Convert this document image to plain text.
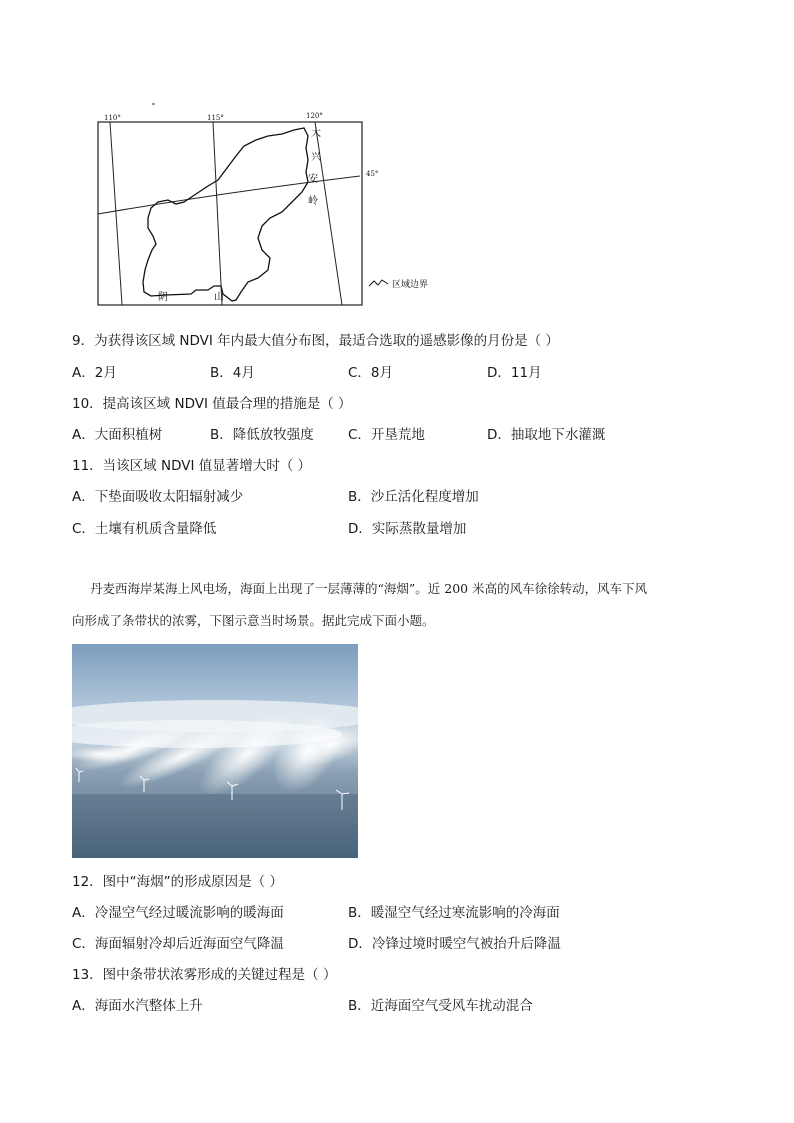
110°	115°	120°
45°
大
兴
安
岭
阴	山
区域边界
9．为获得该区域 NDVI 年内最大值分布图，最适合选取的遥感影像的月份是（ ）
A．2月	B．4月	C．8月	D．11月
10．提高该区域 NDVI 值最合理的措施是（ ）
A．大面积植树	B．降低放牧强度	C．开垦荒地	D．抽取地下水灌溉
11．当该区域 NDVI 值显著增大时（ ）
A．下垫面吸收太阳辐射减少	B．沙丘活化程度增加
C．土壤有机质含量降低	D．实际蒸散量增加
丹麦西海岸某海上风电场，海面上出现了一层薄薄的“海烟”。近 200 米高的风车徐徐转动，风车下风
向形成了条带状的浓雾，下图示意当时场景。据此完成下面小题。
12．图中“海烟”的形成原因是（ ）
A．冷湿空气经过暖流影响的暖海面	B．暖湿空气经过寒流影响的冷海面
C．海面辐射冷却后近海面空气降温	D．冷锋过境时暖空气被抬升后降温
13．图中条带状浓雾形成的关键过程是（ ）
A．海面水汽整体上升	B．近海面空气受风车扰动混合
